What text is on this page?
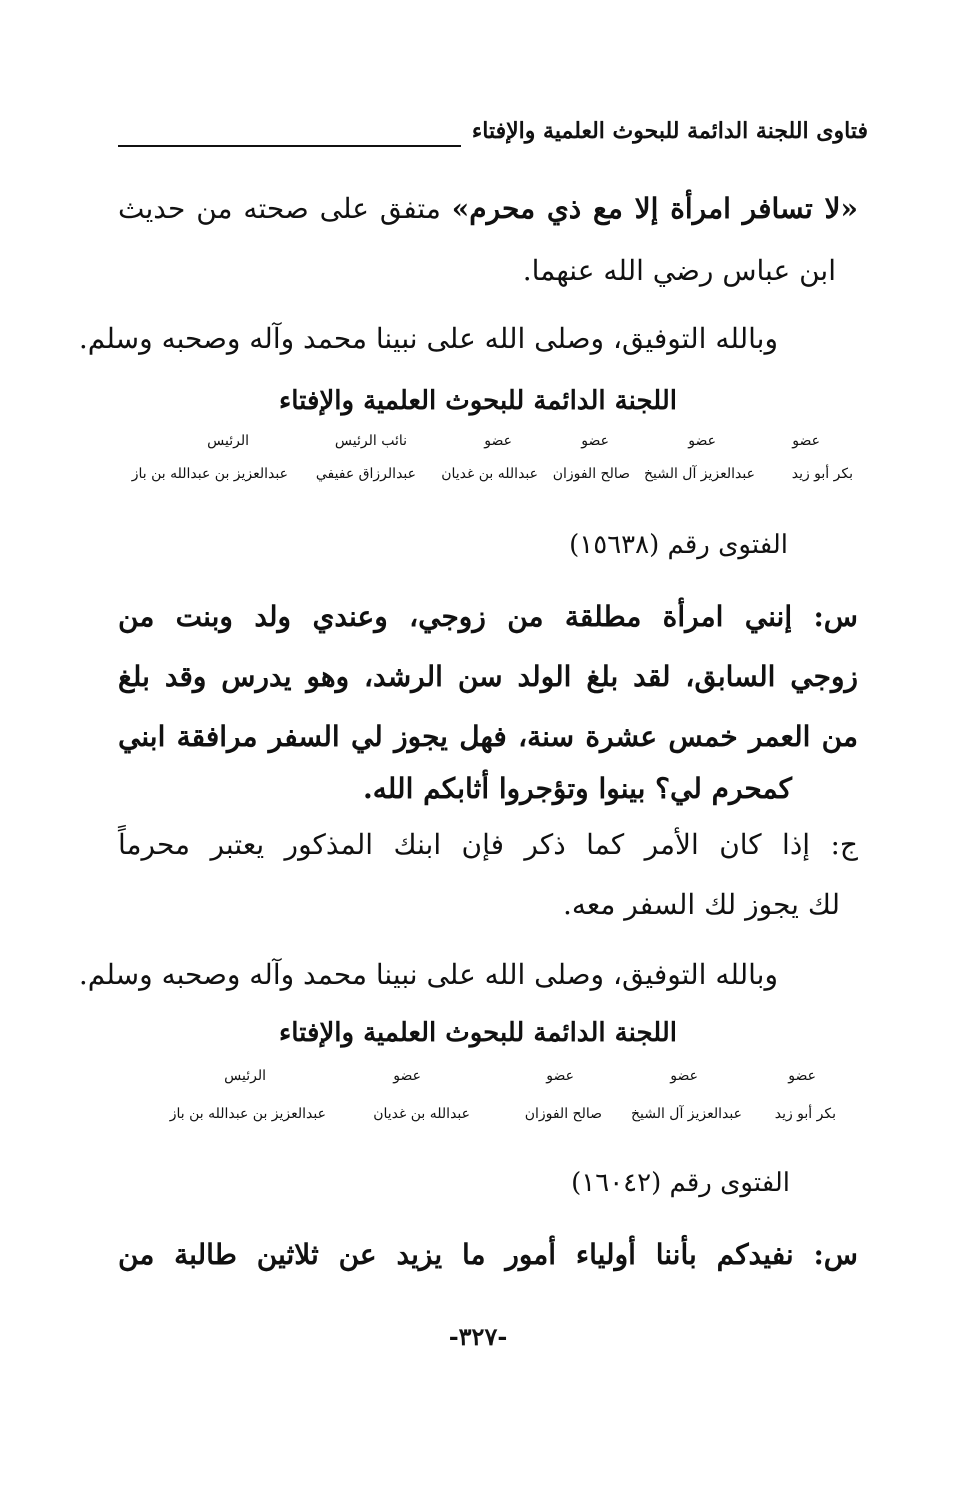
فتاوى اللجنة الدائمة للبحوث العلمية والإفتاء
«لا تسافر امرأة إلا مع ذي محرم» متفق على صحته من حديث
ابن عباس رضي الله عنهما.
وبالله التوفيق، وصلى الله على نبينا محمد وآله وصحبه وسلم.
اللجنة الدائمة للبحوث العلمية والإفتاء
عضو
عضو
عضو
عضو
نائب الرئيس
الرئيس
بكر أبو زيد
عبدالعزيز آل الشيخ
صالح الفوزان
عبدالله بن غديان
عبدالرزاق عفيفي
عبدالعزيز بن عبدالله بن باز
الفتوى رقم (١٥٦٣٨)
س: إنني امرأة مطلقة من زوجي، وعندي ولد وبنت من
زوجي السابق، لقد بلغ الولد سن الرشد، وهو يدرس وقد بلغ
من العمر خمس عشرة سنة، فهل يجوز لي السفر مرافقة ابني
كمحرم لي؟ بينوا وتؤجروا أثابكم الله.
ج: إذا كان الأمر كما ذكر فإن ابنك المذكور يعتبر محرماً
لك يجوز لك السفر معه.
وبالله التوفيق، وصلى الله على نبينا محمد وآله وصحبه وسلم.
اللجنة الدائمة للبحوث العلمية والإفتاء
عضو
عضو
عضو
عضو
الرئيس
بكر أبو زيد
عبدالعزيز آل الشيخ
صالح الفوزان
عبدالله بن غديان
عبدالعزيز بن عبدالله بن باز
الفتوى رقم (١٦٠٤٢)
س: نفيدكم بأننا أولياء أمور ما يزيد عن ثلاثين طالبة من
-٣٢٧-
